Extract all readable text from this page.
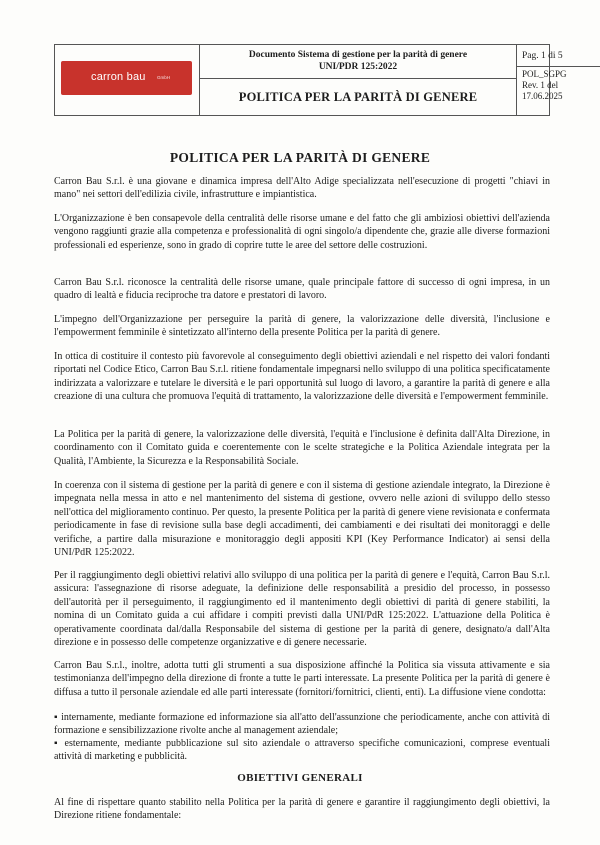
carron bau	GmbH
Documento Sistema di gestione per la parità di genere
UNI/PDR 125:2022
POLITICA PER LA PARITÀ DI GENERE
Pag. 1 di 5
POL_SGPG
Rev. 1 del
17.06.2025
POLITICA PER LA PARITÀ DI GENERE

Carron Bau S.r.l. è una giovane e dinamica impresa dell'Alto Adige specializzata nell'esecuzione di progetti "chiavi in mano" nei settori dell'edilizia civile, infrastrutture e impiantistica.

L'Organizzazione è ben consapevole della centralità delle risorse umane e del fatto che gli ambiziosi obiettivi dell'azienda vengono raggiunti grazie alla competenza e professionalità di ogni singolo/a dipendente che, grazie alle diverse formazioni professionali ed esperienze, sono in grado di coprire tutte le aree del settore delle costruzioni.

Carron Bau S.r.l. riconosce la centralità delle risorse umane, quale principale fattore di successo di ogni impresa, in un quadro di lealtà e fiducia reciproche tra datore e prestatori di lavoro.

L'impegno dell'Organizzazione per perseguire la parità di genere, la valorizzazione delle diversità, l'inclusione e l'empowerment femminile è sintetizzato all'interno della presente Politica per la parità di genere.

In ottica di costituire il contesto più favorevole al conseguimento degli obiettivi aziendali e nel rispetto dei valori fondanti riportati nel Codice Etico, Carron Bau S.r.l. ritiene fondamentale impegnarsi nello sviluppo di una politica specificatamente indirizzata a valorizzare e tutelare le diversità e le pari opportunità sul luogo di lavoro, a garantire la parità di genere e alla creazione di una cultura che promuova l'equità di trattamento, la valorizzazione delle diversità e l'empowerment femminile.

La Politica per la parità di genere, la valorizzazione delle diversità, l'equità e l'inclusione è definita dall'Alta Direzione, in coordinamento con il Comitato guida e coerentemente con le scelte strategiche e la Politica Aziendale integrata per la Qualità, l'Ambiente, la Sicurezza e la Responsabilità Sociale.

In coerenza con il sistema di gestione per la parità di genere e con il sistema di gestione aziendale integrato, la Direzione è impegnata nella messa in atto e nel mantenimento del sistema di gestione, ovvero nelle azioni di sviluppo dello stesso nell'ottica del miglioramento continuo. Per questo, la presente Politica per la parità di genere viene revisionata e confermata periodicamente in fase di revisione sulla base degli accadimenti, dei cambiamenti e dei risultati dei monitoraggi e delle verifiche, a partire dalla misurazione e monitoraggio degli appositi KPI (Key Performance Indicator) ai sensi della UNI/PdR 125:2022.

Per il raggiungimento degli obiettivi relativi allo sviluppo di una politica per la parità di genere e l'equità, Carron Bau S.r.l. assicura: l'assegnazione di risorse adeguate, la definizione delle responsabilità a presidio del processo, in possesso dell'autorità per il perseguimento, il raggiungimento ed il mantenimento degli obiettivi di parità di genere stabiliti, la nomina di un Comitato guida a cui affidare i compiti previsti dalla UNI/PdR 125:2022. L'attuazione della Politica è operativamente coordinata dal/dalla Responsabile del sistema di gestione per la parità di genere, designato/a dall'Alta direzione e in possesso delle competenze organizzative e di genere necessarie.

Carron Bau S.r.l., inoltre, adotta tutti gli strumenti a sua disposizione affinché la Politica sia vissuta attivamente e sia testimonianza dell'impegno della direzione di fronte a tutte le parti interessate. La presente Politica per la parità di genere è diffusa a tutto il personale aziendale ed alle parti interessate (fornitori/fornitrici, clienti, enti). La diffusione viene condotta:

▪ internamente, mediante formazione ed informazione sia all'atto dell'assunzione che periodicamente, anche con attività di formazione e sensibilizzazione rivolte anche al management aziendale;

▪ esternamente, mediante pubblicazione sul sito aziendale o attraverso specifiche comunicazioni, comprese eventuali attività di marketing e pubblicità.

OBIETTIVI GENERALI

Al fine di rispettare quanto stabilito nella Politica per la parità di genere e garantire il raggiungimento degli obiettivi, la Direzione ritiene fondamentale:
